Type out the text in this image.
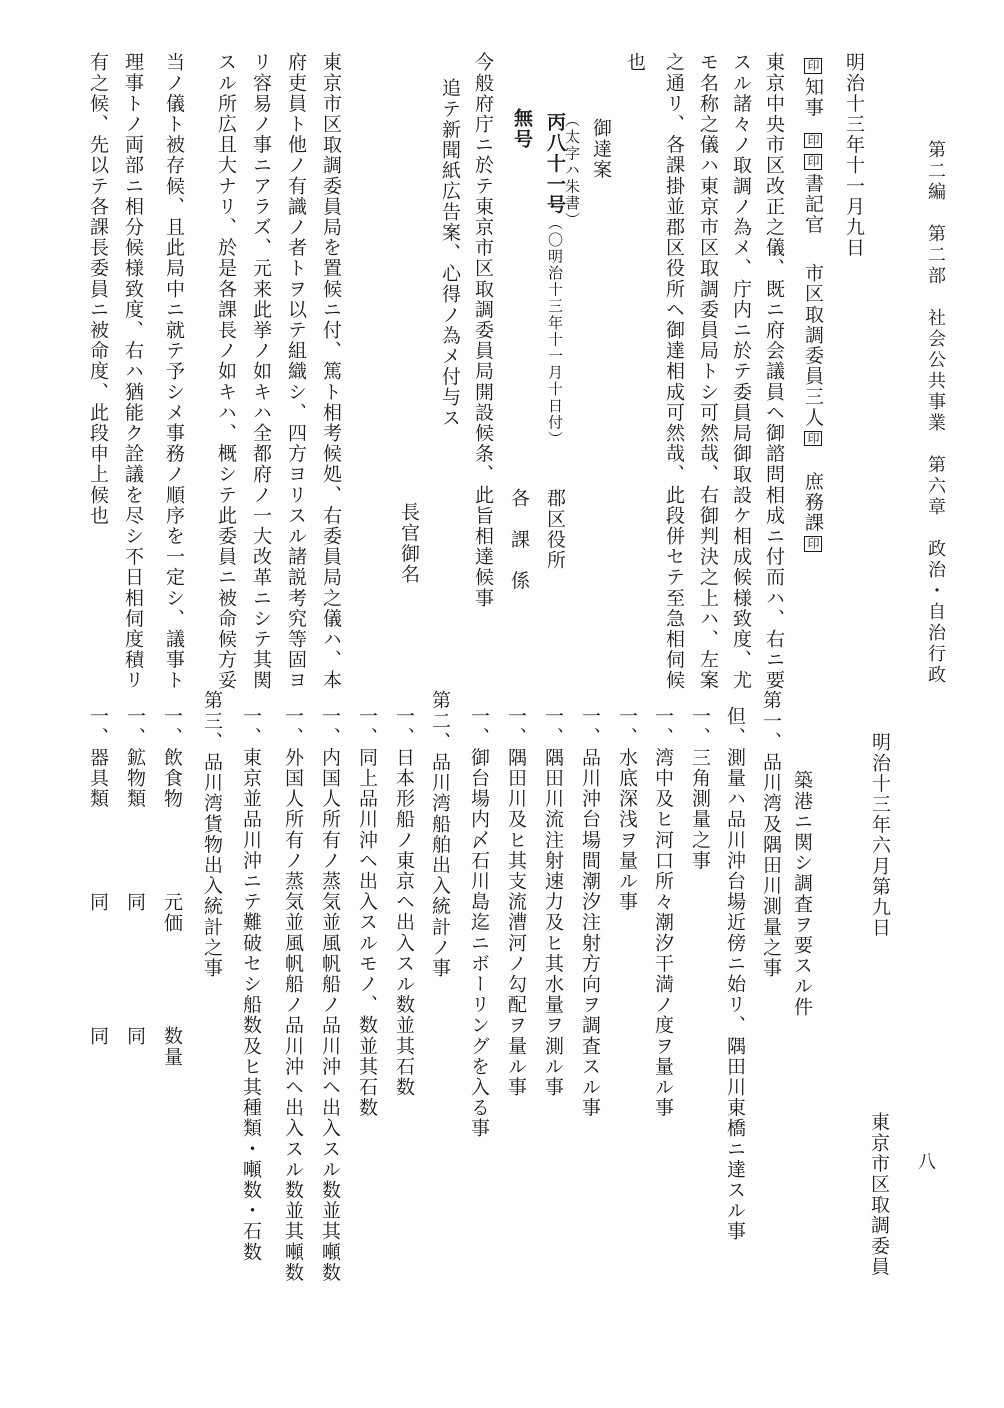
第二編　第二部　社会公共事業　第六章　政治・自治行政
八
明治十三年十一月九日
印知事印印書記官市区取調委員三人印庶務課印
東京中央市区改正之儀、既ニ府会議員ヘ御諮問相成ニ付而ハ、右ニ要
スル諸々ノ取調ノ為メ、庁内ニ於テ委員局御取設ケ相成候様致度、尤
モ名称之儀ハ東京市区取調委員局トシ可然哉、右御判決之上ハ、左案
之通リ、各課掛並郡区役所ヘ御達相成可然哉、此段併セテ至急相伺候
也
御達案
（太字ハ朱書）
丙八十一号（〇明治十三年十一月十日付）
無号
郡区役所
各　課　係
今般府庁ニ於テ東京市区取調委員局開設候条、此旨相達候事
追テ新聞紙広告案、心得ノ為メ付与ス
長官御名
東京市区取調委員局を置候ニ付、篤ト相考候処、右委員局之儀ハ、本
府吏員ト他ノ有識ノ者トヲ以テ組織シ、四方ヨリスル諸説考究等固ヨ
リ容易ノ事ニアラズ、元来此挙ノ如キハ全都府ノ一大改革ニシテ其関
スル所広且大ナリ、於是各課長ノ如キハ、概シテ此委員ニ被命候方妥
当ノ儀ト被存候、且此局中ニ就テ予シメ事務ノ順序を一定シ、議事ト
理事トノ両部ニ相分候様致度、右ハ猶能ク詮議を尽シ不日相伺度積リ
有之候、先以テ各課長委員ニ被命度、此段申上候也
明治十三年六月第九日
東京市区取調委員
築港ニ関シ調査ヲ要スル件
第一、品川湾及隅田川測量之事
但、測量ハ品川沖台場近傍ニ始リ、隅田川東橋ニ達スル事
一、三角測量之事
一、湾中及ヒ河口所々潮汐干満ノ度ヲ量ル事
一、水底深浅ヲ量ル事
一、品川沖台場間潮汐注射方向ヲ調査スル事
一、隅田川流注射速力及ヒ其水量ヲ測ル事
一、隅田川及ヒ其支流漕河ノ勾配ヲ量ル事
一、御台場内〆石川島迄ニボーリングを入る事
第二、品川湾船舶出入統計ノ事
一、日本形船ノ東京ヘ出入スル数並其石数
一、同上品川沖ヘ出入スルモノ、数並其石数
一、内国人所有ノ蒸気並風帆船ノ品川沖ヘ出入スル数並其噸数
一、外国人所有ノ蒸気並風帆船ノ品川沖ヘ出入スル数並其噸数
一、東京並品川沖ニテ難破セシ船数及ヒ其種類・噸数・石数
第三、品川湾貨物出入統計之事
一、飲食物
元価
数量
一、鉱物類
同
同
一、器具類
同
同
